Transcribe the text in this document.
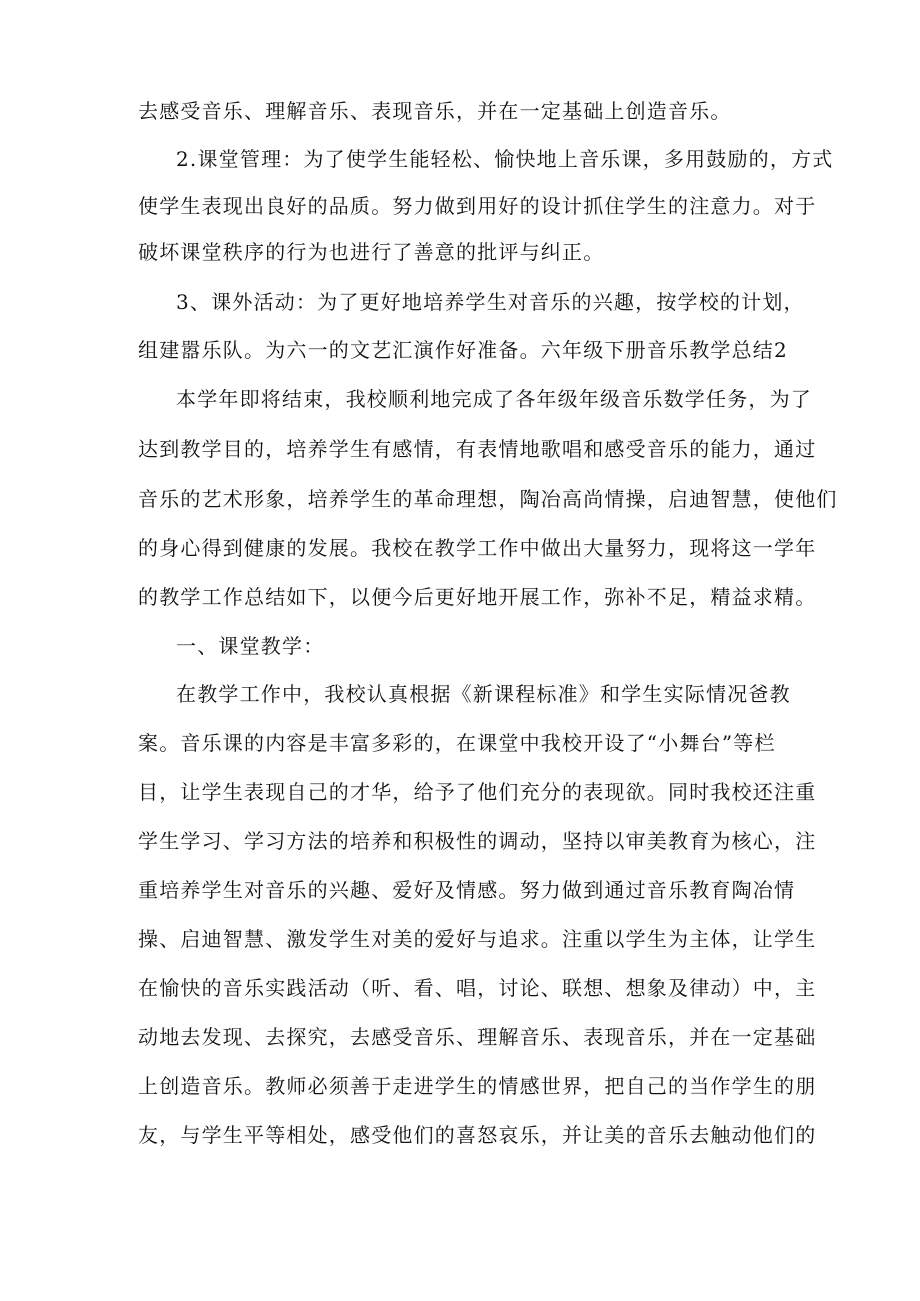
去感受音乐、理解音乐、表现音乐，并在一定基础上创造音乐。
2.课堂管理：为了使学生能轻松、愉快地上音乐课，多用鼓励的，方式
使学生表现出良好的品质。努力做到用好的设计抓住学生的注意力。对于
破坏课堂秩序的行为也进行了善意的批评与纠正。
3、课外活动：为了更好地培养学生对音乐的兴趣，按学校的计划，
组建嚣乐队。为六一的文艺汇演作好准备。六年级下册音乐教学总结2
本学年即将结束，我校顺利地完成了各年级年级音乐数学任务，为了
达到教学目的，培养学生有感情，有表情地歌唱和感受音乐的能力，通过
音乐的艺术形象，培养学生的革命理想，陶冶高尚情操，启迪智慧，使他们
的身心得到健康的发展。我校在教学工作中做出大量努力，现将这一学年
的教学工作总结如下，以便今后更好地开展工作，弥补不足，精益求精。
一、课堂教学：
在教学工作中，我校认真根据《新课程标准》和学生实际情况爸教
案。音乐课的内容是丰富多彩的，在课堂中我校开设了“小舞台”等栏
目，让学生表现自己的才华，给予了他们充分的表现欲。同时我校还注重
学生学习、学习方法的培养和积极性的调动，坚持以审美教育为核心，注
重培养学生对音乐的兴趣、爱好及情感。努力做到通过音乐教育陶冶情
操、启迪智慧、激发学生对美的爱好与追求。注重以学生为主体，让学生
在愉快的音乐实践活动（听、看、唱，讨论、联想、想象及律动）中，主
动地去发现、去探究，去感受音乐、理解音乐、表现音乐，并在一定基础
上创造音乐。教师必须善于走进学生的情感世界，把自己的当作学生的朋
友，与学生平等相处，感受他们的喜怒哀乐，并让美的音乐去触动他们的
